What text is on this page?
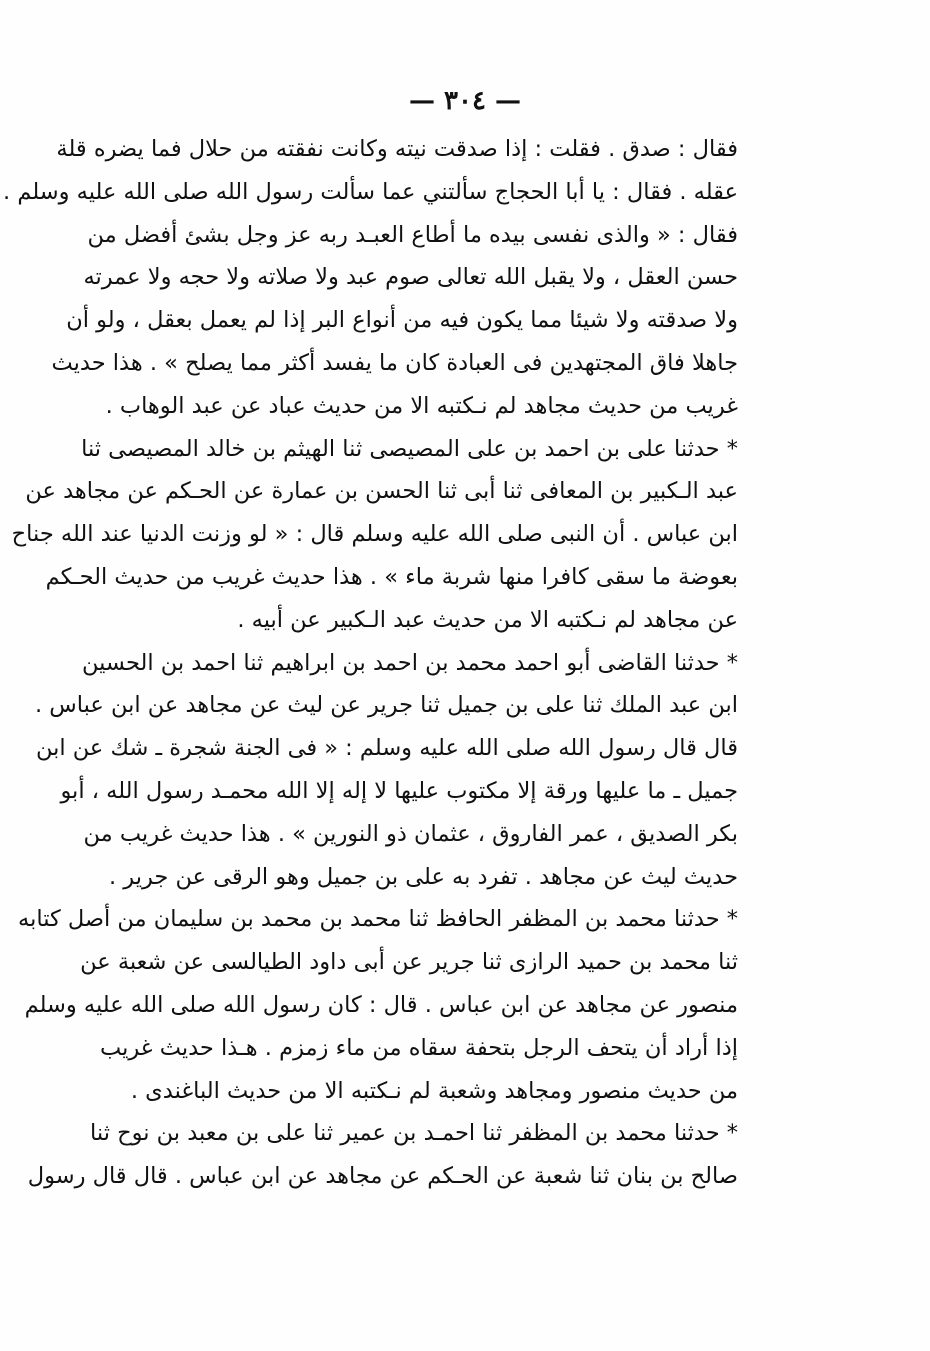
— ٣٠٤ —
فقال : صدق . فقلت : إذا صدقت نيته وكانت نفقته من حلال فما يضره قلة
عقله . فقال : يا أبا الحجاج سألتني عما سألت رسول الله صلى الله عليه وسلم .
فقال : « والذى نفسى بيده ما أطاع العبـد ربه عز وجل بشئ أفضل من
حسن العقل ، ولا يقبل الله تعالى صوم عبد ولا صلاته ولا حجه ولا عمرته
ولا صدقته ولا شيئا مما يكون فيه من أنواع البر إذا لم يعمل بعقل ، ولو أن
جاهلا فاق المجتهدين فى العبادة كان ما يفسد أكثر مما يصلح » . هذا حديث
غريب من حديث مجاهد لم نـكتبه الا من حديث عباد عن عبد الوهاب .
* حدثنا على بن احمد بن على المصيصى ثنا الهيثم بن خالد المصيصى ثنا
عبد الـكبير بن المعافى ثنا أبى ثنا الحسن بن عمارة عن الحـكم عن مجاهد عن
ابن عباس . أن النبى صلى الله عليه وسلم قال : « لو وزنت الدنيا عند الله جناح
بعوضة ما سقى كافرا منها شربة ماء » . هذا حديث غريب من حديث الحـكم
عن مجاهد لم نـكتبه الا من حديث عبد الـكبير عن أبيه .
* حدثنا القاضى أبو احمد محمد بن احمد بن ابراهيم ثنا احمد بن الحسين
ابن عبد الملك ثنا على بن جميل ثنا جرير عن ليث عن مجاهد عن ابن عباس .
قال قال رسول الله صلى الله عليه وسلم : « فى الجنة شجرة ـ شك عن ابن
جميل ـ ما عليها ورقة إلا مكتوب عليها لا إله إلا الله محمـد رسول الله ، أبو
بكر الصديق ، عمر الفاروق ، عثمان ذو النورين » . هذا حديث غريب من
حديث ليث عن مجاهد . تفرد به على بن جميل وهو الرقى عن جرير .
* حدثنا محمد بن المظفر الحافظ ثنا محمد بن محمد بن سليمان من أصل كتابه
ثنا محمد بن حميد الرازى ثنا جرير عن أبى داود الطيالسى عن شعبة عن
منصور عن مجاهد عن ابن عباس . قال : كان رسول الله صلى الله عليه وسلم
إذا أراد أن يتحف الرجل بتحفة سقاه من ماء زمزم . هـذا حديث غريب
من حديث منصور ومجاهد وشعبة لم نـكتبه الا من حديث الباغندى .
* حدثنا محمد بن المظفر ثنا احمـد بن عمير ثنا على بن معبد بن نوح ثنا
صالح بن بنان ثنا شعبة عن الحـكم عن مجاهد عن ابن عباس . قال قال رسول
